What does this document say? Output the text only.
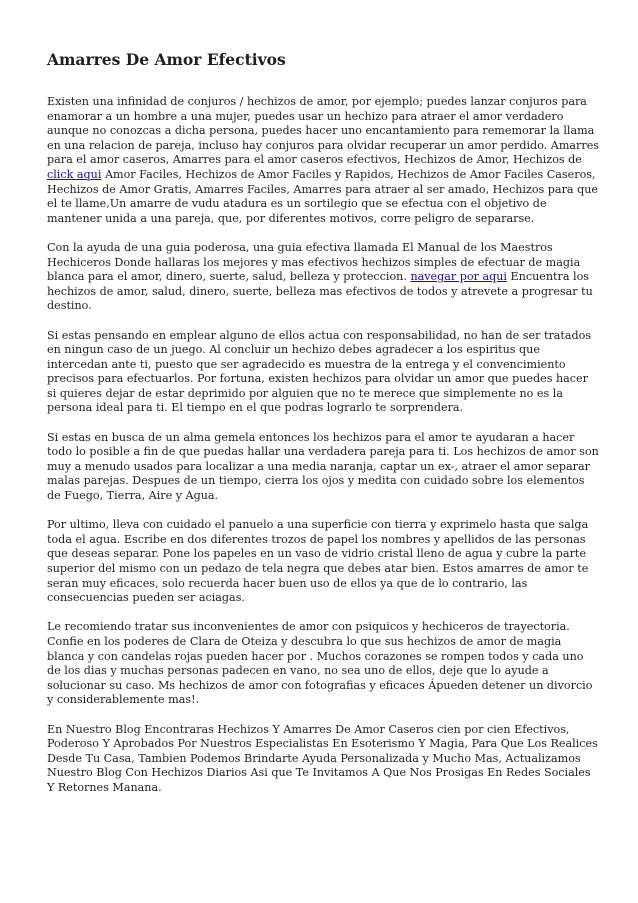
Amarres De Amor Efectivos

Existen una infinidad de conjuros / hechizos de amor, por ejemplo; puedes lanzar conjuros para enamorar a un hombre a una mujer, puedes usar un hechizo para atraer el amor verdadero aunque no conozcas a dicha persona, puedes hacer uno encantamiento para rememorar la llama en una relacion de pareja, incluso hay conjuros para olvidar recuperar un amor perdido. Amarres para el amor caseros, Amarres para el amor caseros efectivos, Hechizos de Amor, Hechizos de click aqui Amor Faciles, Hechizos de Amor Faciles y Rapidos, Hechizos de Amor Faciles Caseros, Hechizos de Amor Gratis, Amarres Faciles, Amarres para atraer al ser amado, Hechizos para que el te llame,Un amarre de vudu atadura es un sortilegio que se efectua con el objetivo de mantener unida a una pareja, que, por diferentes motivos, corre peligro de separarse.

Con la ayuda de una guia poderosa, una guia efectiva llamada El Manual de los Maestros Hechiceros Donde hallaras los mejores y mas efectivos hechizos simples de efectuar de magia blanca para el amor, dinero, suerte, salud, belleza y proteccion. navegar por aqui Encuentra los hechizos de amor, salud, dinero, suerte, belleza mas efectivos de todos y atrevete a progresar tu destino.

Si estas pensando en emplear alguno de ellos actua con responsabilidad, no han de ser tratados en ningun caso de un juego. Al concluir un hechizo debes agradecer a los espiritus que intercedan ante ti, puesto que ser agradecido es muestra de la entrega y el convencimiento precisos para efectuarlos. Por fortuna, existen hechizos para olvidar un amor que puedes hacer si quieres dejar de estar deprimido por alguien que no te merece que simplemente no es la persona ideal para ti. El tiempo en el que podras lograrlo te sorprendera.

Si estas en busca de un alma gemela entonces los hechizos para el amor te ayudaran a hacer todo lo posible a fin de que puedas hallar una verdadera pareja para ti. Los hechizos de amor son muy a menudo usados para localizar a una media naranja, captar un ex-, atraer el amor separar malas parejas. Despues de un tiempo, cierra los ojos y medita con cuidado sobre los elementos de Fuego, Tierra, Aire y Agua.

Por ultimo, lleva con cuidado el panuelo a una superficie con tierra y exprimelo hasta que salga toda el agua. Escribe en dos diferentes trozos de papel los nombres y apellidos de las personas que deseas separar. Pone los papeles en un vaso de vidrio cristal lleno de agua y cubre la parte superior del mismo con un pedazo de tela negra que debes atar bien. Estos amarres de amor te seran muy eficaces, solo recuerda hacer buen uso de ellos ya que de lo contrario, las consecuencias pueden ser aciagas.

Le recomiendo tratar sus inconvenientes de amor con psiquicos y hechiceros de trayectoria. Confie en los poderes de Clara de Oteiza y descubra lo que sus hechizos de amor de magia blanca y con candelas rojas pueden hacer por . Muchos corazones se rompen todos y cada uno de los dias y muchas personas padecen en vano, no sea uno de ellos, deje que lo ayude a solucionar su caso. Ms hechizos de amor con fotografias y eficaces Ápueden detener un divorcio y considerablemente mas!.

En Nuestro Blog Encontraras Hechizos Y Amarres De Amor Caseros cien por cien Efectivos, Poderoso Y Aprobados Por Nuestros Especialistas En Esoterismo Y Magia, Para Que Los Realices Desde Tu Casa, Tambien Podemos Brindarte Ayuda Personalizada y Mucho Mas, Actualizamos Nuestro Blog Con Hechizos Diarios Asi que Te Invitamos A Que Nos Prosigas En Redes Sociales Y Retornes Manana.
